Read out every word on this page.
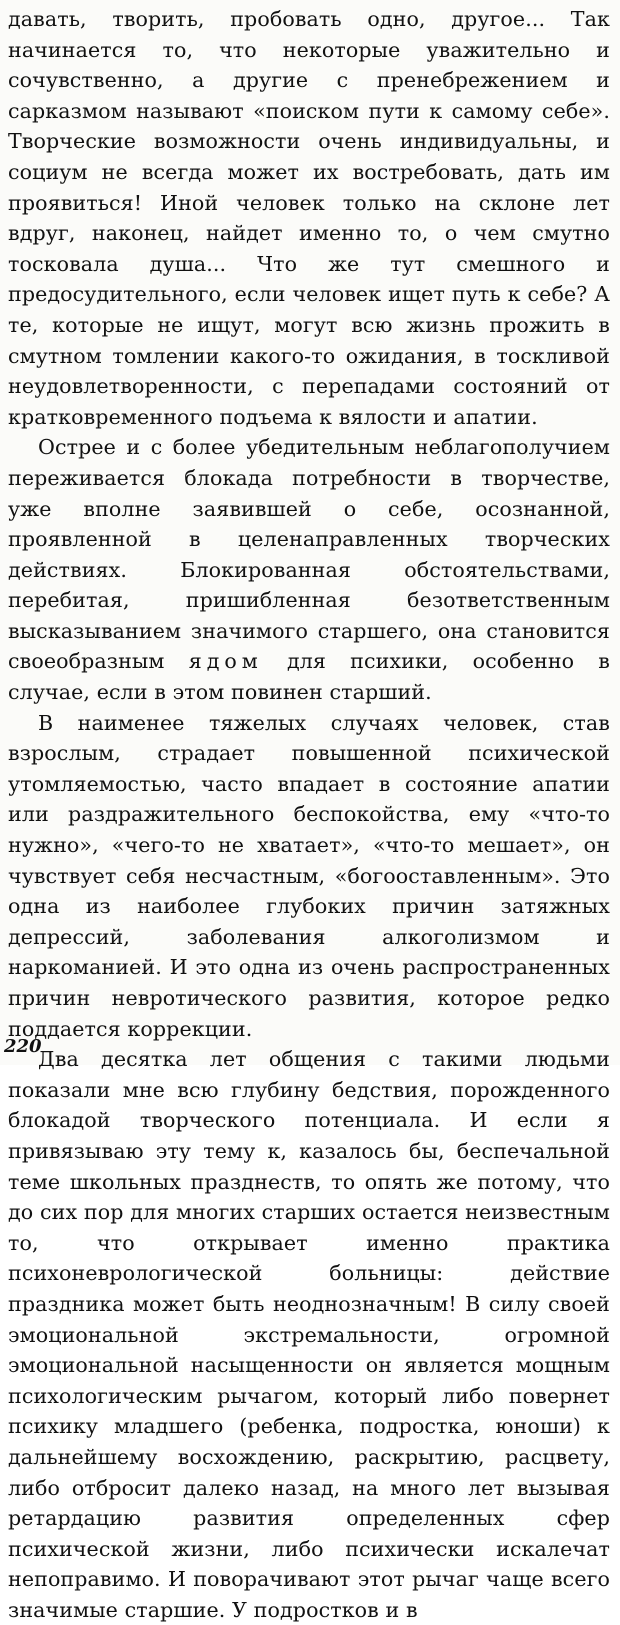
давать, творить, пробовать одно, другое... Так начинается то, что некоторые уважительно и сочувственно, а другие с пренебрежением и сарказмом называют «поиском пути к самому себе». Творческие возможности очень индивидуальны, и социум не всегда может их востребовать, дать им проявиться! Иной человек только на склоне лет вдруг, наконец, найдет именно то, о чем смутно тосковала душа... Что же тут смешного и предосудительного, если человек ищет путь к себе? А те, которые не ищут, могут всю жизнь прожить в смутном томлении какого-то ожидания, в тоскливой неудовлетворенности, с перепадами состояний от кратковременного подъема к вялости и апатии.

Острее и с более убедительным неблагополучием переживается блокада потребности в творчестве, уже вполне заявившей о себе, осознанной, проявленной в целенаправленных творческих действиях. Блокированная обстоятельствами, перебитая, пришибленная безответственным высказыванием значимого старшего, она становится своеобразным ядом для психики, особенно в случае, если в этом повинен старший.

В наименее тяжелых случаях человек, став взрослым, страдает повышенной психической утомляемостью, часто впадает в состояние апатии или раздражительного беспокойства, ему «что-то нужно», «чего-то не хватает», «что-то мешает», он чувствует себя несчастным, «богооставленным». Это одна из наиболее глубоких причин затяжных депрессий, заболевания алкоголизмом и наркоманией. И это одна из очень распространенных причин невротического развития, которое редко поддается коррекции.

Два десятка лет общения с такими людьми показали мне всю глубину бедствия, порожденного блокадой творческого потенциала. И если я привязываю эту тему к, казалось бы, беспечальной теме школьных празднеств, то опять же потому, что до сих пор для многих старших остается неизвестным то, что открывает именно практика психоневрологической больницы: действие праздника может быть неоднозначным! В силу своей эмоциональной экстремальности, огромной эмоциональной насыщенности он является мощным психологическим рычагом, который либо повернет психику младшего (ребенка, подростка, юноши) к дальнейшему восхождению, раскрытию, расцвету, либо отбросит далеко назад, на много лет вызывая ретардацию развития определенных сфер психической жизни, либо психически искалечат непоправимо. И поворачивают этот рычаг чаще всего значимые старшие. У подростков и в

220
